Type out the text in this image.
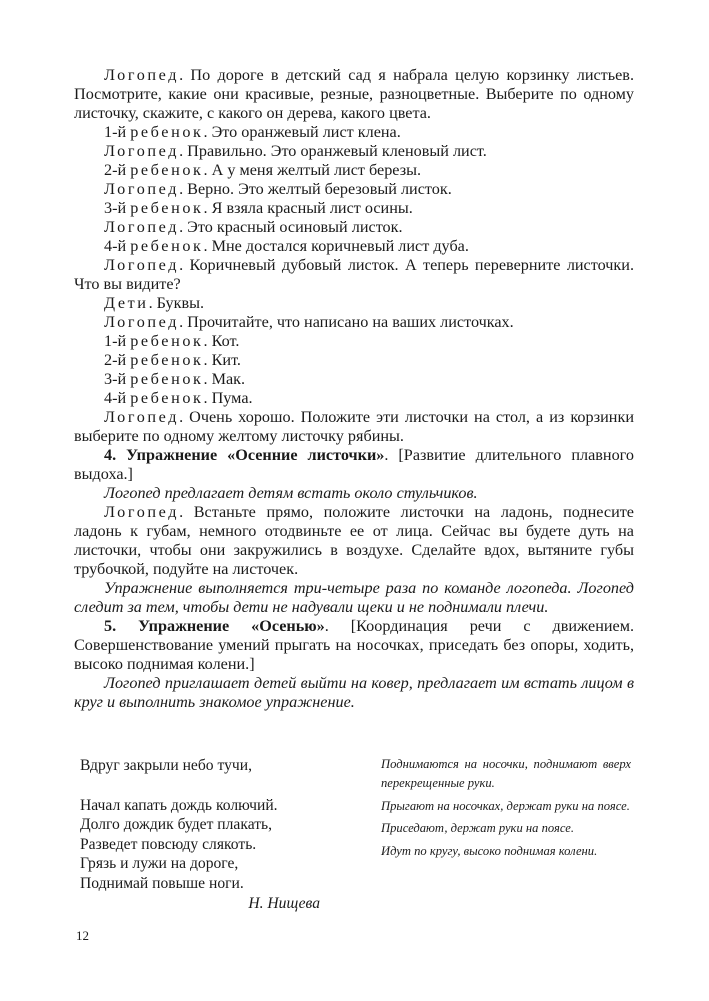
Логопед. По дороге в детский сад я набрала целую корзинку листьев. Посмотрите, какие они красивые, резные, разноцветные. Выберите по одному листочку, скажите, с какого он дерева, какого цвета.

1-й ребенок. Это оранжевый лист клена.

Логопед. Правильно. Это оранжевый кленовый лист.

2-й ребенок. А у меня желтый лист березы.

Логопед. Верно. Это желтый березовый листок.

3-й ребенок. Я взяла красный лист осины.

Логопед. Это красный осиновый листок.

4-й ребенок. Мне достался коричневый лист дуба.

Логопед. Коричневый дубовый листок. А теперь переверните листочки. Что вы видите?

Дети. Буквы.

Логопед. Прочитайте, что написано на ваших листочках.

1-й ребенок. Кот.

2-й ребенок. Кит.

3-й ребенок. Мак.

4-й ребенок. Пума.

Логопед. Очень хорошо. Положите эти листочки на стол, а из корзинки выберите по одному желтому листочку рябины.

4. Упражнение «Осенние листочки». [Развитие длительного плавного выдоха.]

Логопед предлагает детям встать около стульчиков.

Логопед. Встаньте прямо, положите листочки на ладонь, поднесите ладонь к губам, немного отодвиньте ее от лица. Сейчас вы будете дуть на листочки, чтобы они закружились в воздухе. Сделайте вдох, вытяните губы трубочкой, подуйте на листочек.

Упражнение выполняется три-четыре раза по команде логопеда. Логопед следит за тем, чтобы дети не надували щеки и не поднимали плечи.

5. Упражнение «Осенью». [Координация речи с движением. Совершенствование умений прыгать на носочках, приседать без опоры, ходить, высоко поднимая колени.]

Логопед приглашает детей выйти на ковер, предлагает им встать лицом в круг и выполнить знакомое упражнение.

Вдруг закрыли небо тучи,
Начал капать дождь колючий.
Долго дождик будет плакать,
Разведет повсюду слякоть.
Грязь и лужи на дороге,
Поднимай повыше ноги.
Н. Нищева

Поднимаются на носочки, поднимают вверх перекрещенные руки.

Прыгают на носочках, держат руки на поясе.

Приседают, держат руки на поясе.

Идут по кругу, высоко поднимая колени.

12
